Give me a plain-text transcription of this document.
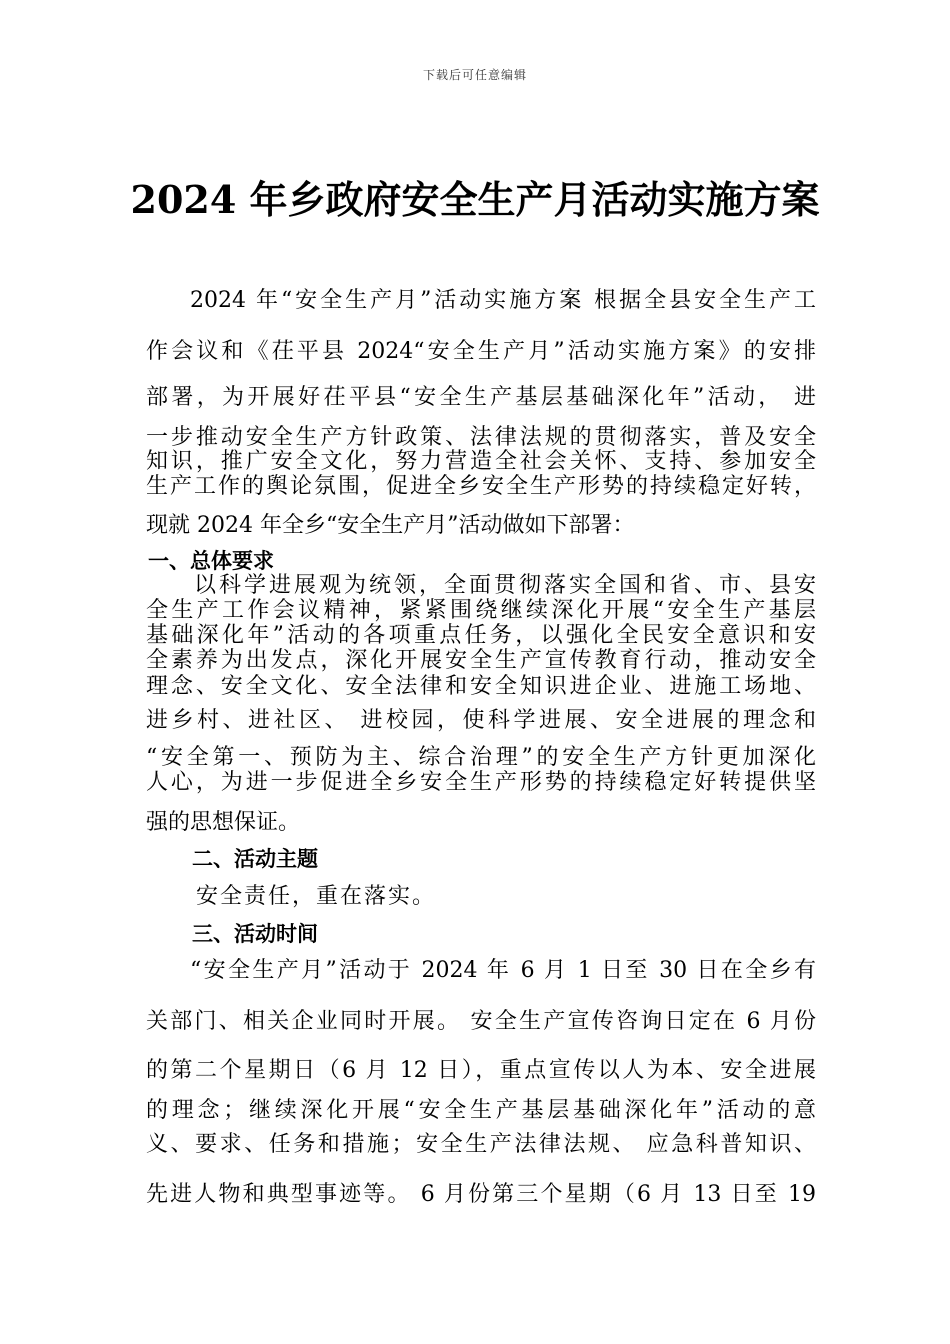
下载后可任意编辑
2024 年乡政府安全生产月活动实施方案
2024 年“安全生产月”活动实施方案 根据全县安全生产工
作会议和《茌平县 2024“安全生产月”活动实施方案》的安排
部署，为开展好茌平县“安全生产基层基础深化年”活动， 进
一步推动安全生产方针政策、法律法规的贯彻落实，普及安全
知识，推广安全文化，努力营造全社会关怀、支持、参加安全
生产工作的舆论氛围，促进全乡安全生产形势的持续稳定好转，
现就 2024 年全乡“安全生产月”活动做如下部署：
一、总体要求
以科学进展观为统领，全面贯彻落实全国和省、市、县安
全生产工作会议精神，紧紧围绕继续深化开展“安全生产基层
基础深化年”活动的各项重点任务，以强化全民安全意识和安
全素养为出发点，深化开展安全生产宣传教育行动，推动安全
理念、安全文化、安全法律和安全知识进企业、进施工场地、
进乡村、进社区、 进校园，使科学进展、安全进展的理念和
“安全第一、预防为主、综合治理”的安全生产方针更加深化
人心，为进一步促进全乡安全生产形势的持续稳定好转提供坚
强的思想保证。
二、活动主题
安全责任，重在落实。
三、活动时间
“安全生产月”活动于 2024 年 6 月 1 日至 30 日在全乡有
关部门、相关企业同时开展。 安全生产宣传咨询日定在 6 月份
的第二个星期日（6 月 12 日），重点宣传以人为本、安全进展
的理念；继续深化开展“安全生产基层基础深化年”活动的意
义、要求、任务和措施；安全生产法律法规、 应急科普知识、
先进人物和典型事迹等。 6 月份第三个星期（6 月 13 日至 19
